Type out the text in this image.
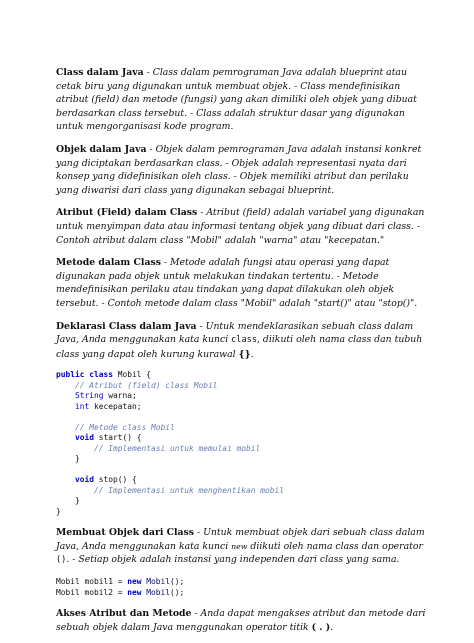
Class dalam Java - Class dalam pemrograman Java adalah blueprint atau cetak biru yang digunakan untuk membuat objek. - Class mendefinisikan atribut (field) dan metode (fungsi) yang akan dimiliki oleh objek yang dibuat berdasarkan class tersebut. - Class adalah struktur dasar yang digunakan untuk mengorganisasi kode program.

Objek dalam Java - Objek dalam pemrograman Java adalah instansi konkret yang diciptakan berdasarkan class. - Objek adalah representasi nyata dari konsep yang didefinisikan oleh class. - Objek memiliki atribut dan perilaku yang diwarisi dari class yang digunakan sebagai blueprint.

Atribut (Field) dalam Class - Atribut (field) adalah variabel yang digunakan untuk menyimpan data atau informasi tentang objek yang dibuat dari class. - Contoh atribut dalam class "Mobil" adalah "warna" atau "kecepatan."

Metode dalam Class - Metode adalah fungsi atau operasi yang dapat digunakan pada objek untuk melakukan tindakan tertentu. - Metode mendefinisikan perilaku atau tindakan yang dapat dilakukan oleh objek tersebut. - Contoh metode dalam class "Mobil" adalah "start()" atau "stop()".

Deklarasi Class dalam Java - Untuk mendeklarasikan sebuah class dalam Java, Anda menggunakan kata kunci class, diikuti oleh nama class dan tubuh class yang dapat oleh kurung kurawal {}.

public class Mobil {
// Atribut (field) class Mobil
String warna;
int kecepatan;

// Metode class Mobil
void start() {
// Implementasi untuk memulai mobil
}

void stop() {
// Implementasi untuk menghentikan mobil
}
}

Membuat Objek dari Class - Untuk membuat objek dari sebuah class dalam Java, Anda menggunakan kata kunci new diikuti oleh nama class dan operator (). - Setiap objek adalah instansi yang independen dari class yang sama.

Mobil mobil1 = new Mobil();
Mobil mobil2 = new Mobil();

Akses Atribut dan Metode - Anda dapat mengakses atribut dan metode dari sebuah objek dalam Java menggunakan operator titik ( . ).
